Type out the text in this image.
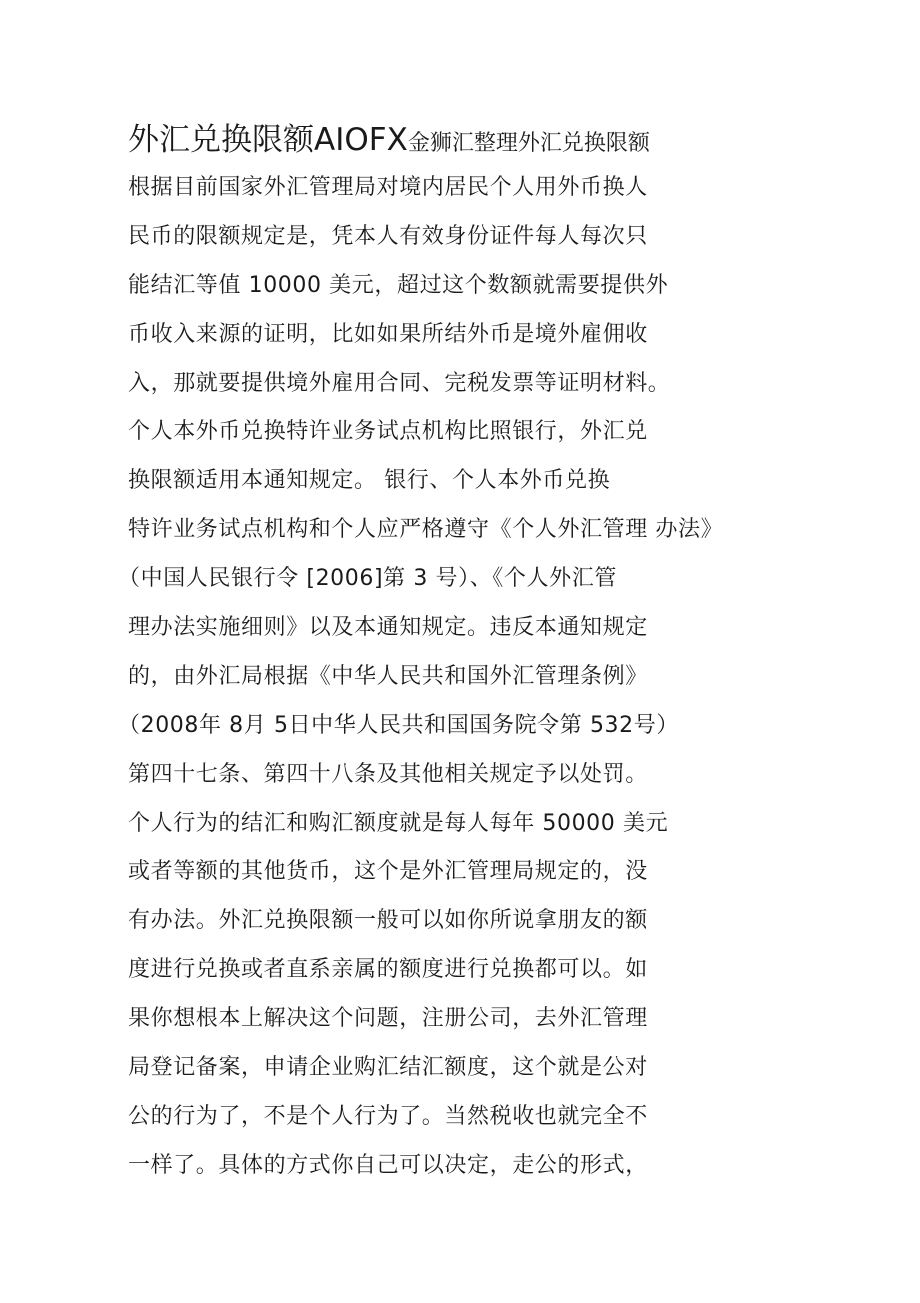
外汇兑换限额AIOFX金狮汇整理外汇兑换限额
根据目前国家外汇管理局对境内居民个人用外币换人
民币的限额规定是，凭本人有效身份证件每人每次只
能结汇等值 10000 美元，超过这个数额就需要提供外
币收入来源的证明，比如如果所结外币是境外雇佣收
入，那就要提供境外雇用合同、完税发票等证明材料。
个人本外币兑换特许业务试点机构比照银行，外汇兑
换限额适用本通知规定。 银行、个人本外币兑换
特许业务试点机构和个人应严格遵守《个人外汇管理 办法》
（中国人民银行令 [2006]第 3 号）、《个人外汇管
理办法实施细则》以及本通知规定。违反本通知规定
的，由外汇局根据《中华人民共和国外汇管理条例》
（2008年 8月 5日中华人民共和国国务院令第 532号）
第四十七条、第四十八条及其他相关规定予以处罚。
个人行为的结汇和购汇额度就是每人每年 50000 美元
或者等额的其他货币，这个是外汇管理局规定的，没
有办法。外汇兑换限额一般可以如你所说拿朋友的额
度进行兑换或者直系亲属的额度进行兑换都可以。如
果你想根本上解决这个问题，注册公司，去外汇管理
局登记备案，申请企业购汇结汇额度，这个就是公对
公的行为了，不是个人行为了。当然税收也就完全不
一样了。具体的方式你自己可以决定，走公的形式，
